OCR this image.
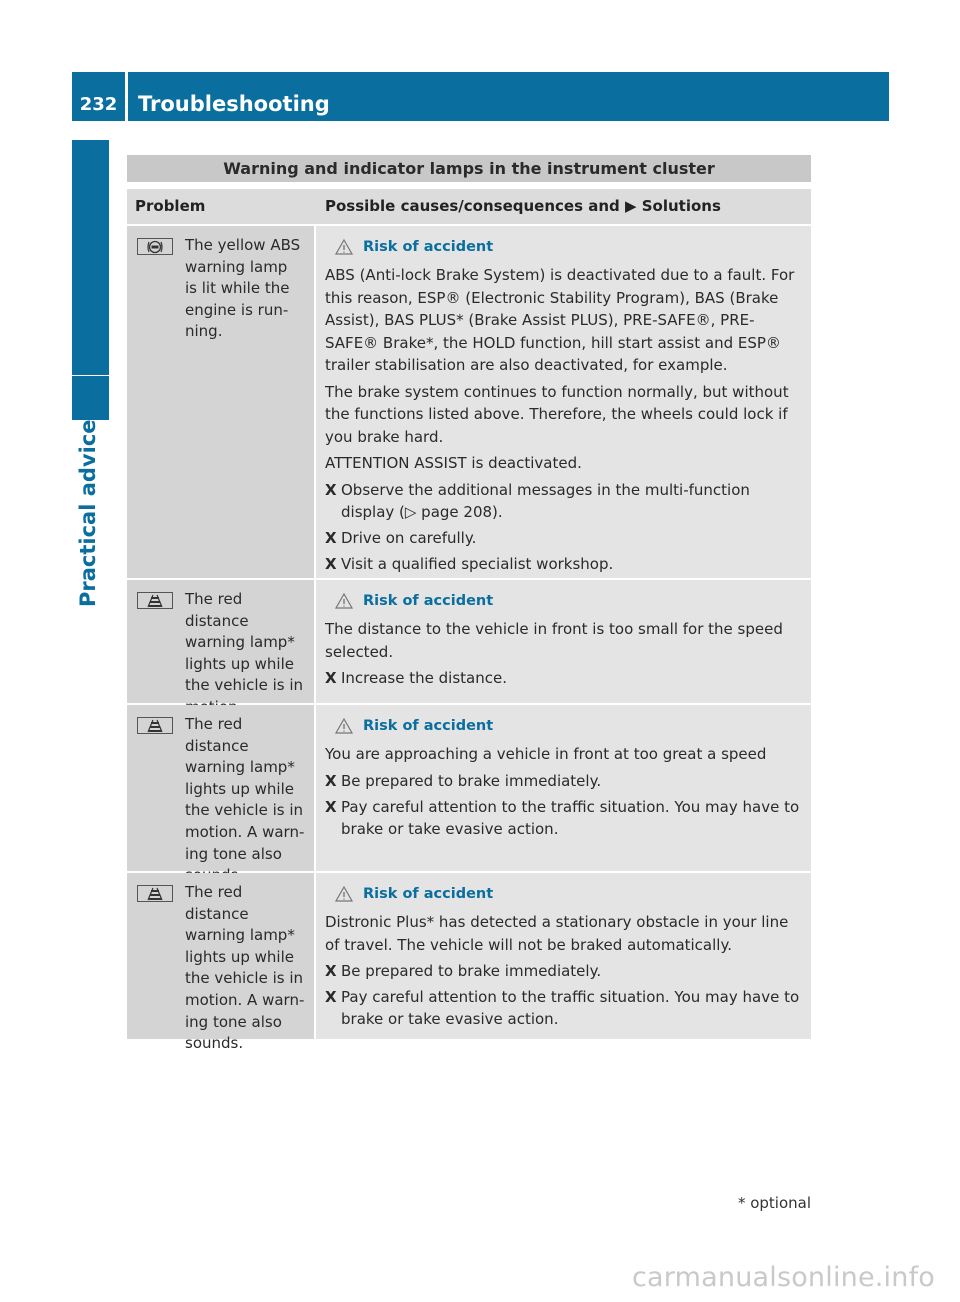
232 Troubleshooting
Practical advice
Warning and indicator lamps in the instrument cluster
Problem	Possible causes/consequences and ▶ Solutions
The yellow ABS warning lamp is lit while the engine is run-ning.
Risk of accident
ABS (Anti-lock Brake System) is deactivated due to a fault. For this reason, ESP® (Electronic Stability Program), BAS (Brake Assist), BAS PLUS* (Brake Assist PLUS), PRE-SAFE®, PRE-SAFE® Brake*, the HOLD function, hill start assist and ESP® trailer stabilisation are also deactivated, for example.
The brake system continues to function normally, but without the functions listed above. Therefore, the wheels could lock if you brake hard.
ATTENTION ASSIST is deactivated.
X Observe the additional messages in the multi-function display (▷ page 208).
X Drive on carefully.
X Visit a qualified specialist workshop.
The red distance warning lamp* lights up while the vehicle is in
Risk of accident
The distance to the vehicle in front is too small for the speed selected.
X Increase the distance.
The red distance warning lamp* lights up while the vehicle is in motion. A warn-ing tone also
Risk of accident
You are approaching a vehicle in front at too great a speed
X Be prepared to brake immediately.
X Pay careful attention to the traffic situation. You may have to brake or take evasive action.
The red distance warning lamp* lights up while the vehicle is in motion. A warn-ing tone also sounds.
Risk of accident
Distronic Plus* has detected a stationary obstacle in your line of travel. The vehicle will not be braked automatically.
X Be prepared to brake immediately.
X Pay careful attention to the traffic situation. You may have to brake or take evasive action.
* optional
carmanualsonline.info
